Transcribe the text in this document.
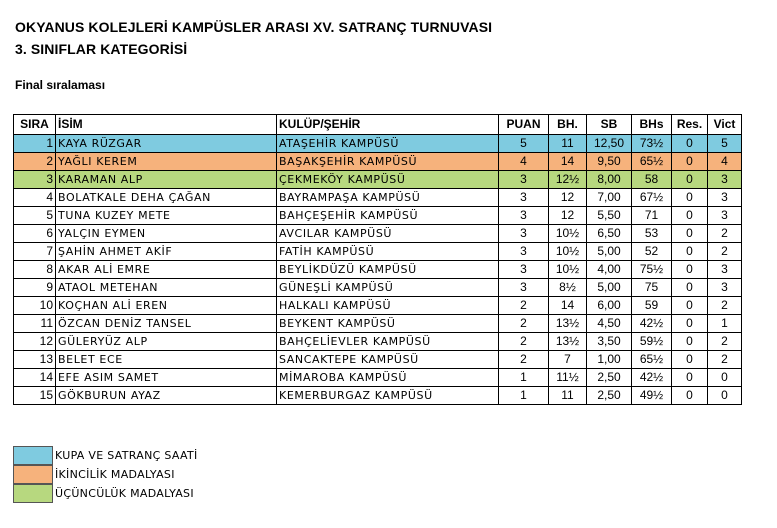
OKYANUS KOLEJLERİ KAMPÜSLER ARASI XV. SATRANÇ TURNUVASI
3. SINIFLAR KATEGORİSİ
Final sıralaması
SIRA	İSİM	KULÜP/ŞEHİR	PUAN	BH.	SB	BHs	Res.	Vict
1	KAYA RÜZGAR	ATAŞEHİR KAMPÜSÜ	5	11	12,50	73½	0	5
2	YAĞLI KEREM	BAŞAKŞEHİR KAMPÜSÜ	4	14	9,50	65½	0	4
3	KARAMAN ALP	ÇEKMEKÖY KAMPÜSÜ	3	12½	8,00	58	0	3
4	BOLATKALE DEHA ÇAĞAN	BAYRAMPAŞA KAMPÜSÜ	3	12	7,00	67½	0	3
5	TUNA KUZEY METE	BAHÇEŞEHİR KAMPÜSÜ	3	12	5,50	71	0	3
6	YALÇIN EYMEN	AVCILAR KAMPÜSÜ	3	10½	6,50	53	0	2
7	ŞAHİN AHMET AKİF	FATİH KAMPÜSÜ	3	10½	5,00	52	0	2
8	AKAR ALİ EMRE	BEYLİKDÜZÜ KAMPÜSÜ	3	10½	4,00	75½	0	3
9	ATAOL METEHAN	GÜNEŞLİ KAMPÜSÜ	3	8½	5,00	75	0	3
10	KOÇHAN ALİ EREN	HALKALI KAMPÜSÜ	2	14	6,00	59	0	2
11	ÖZCAN DENİZ TANSEL	BEYKENT KAMPÜSÜ	2	13½	4,50	42½	0	1
12	GÜLERYÜZ ALP	BAHÇELİEVLER KAMPÜSÜ	2	13½	3,50	59½	0	2
13	BELET ECE	SANCAKTEPE KAMPÜSÜ	2	7	1,00	65½	0	2
14	EFE ASIM SAMET	MİMAROBA KAMPÜSÜ	1	11½	2,50	42½	0	0
15	GÖKBURUN AYAZ	KEMERBURGAZ KAMPÜSÜ	1	11	2,50	49½	0	0
KUPA VE SATRANÇ SAATİ
İKİNCİLİK MADALYASI
ÜÇÜNCÜLÜK MADALYASI
